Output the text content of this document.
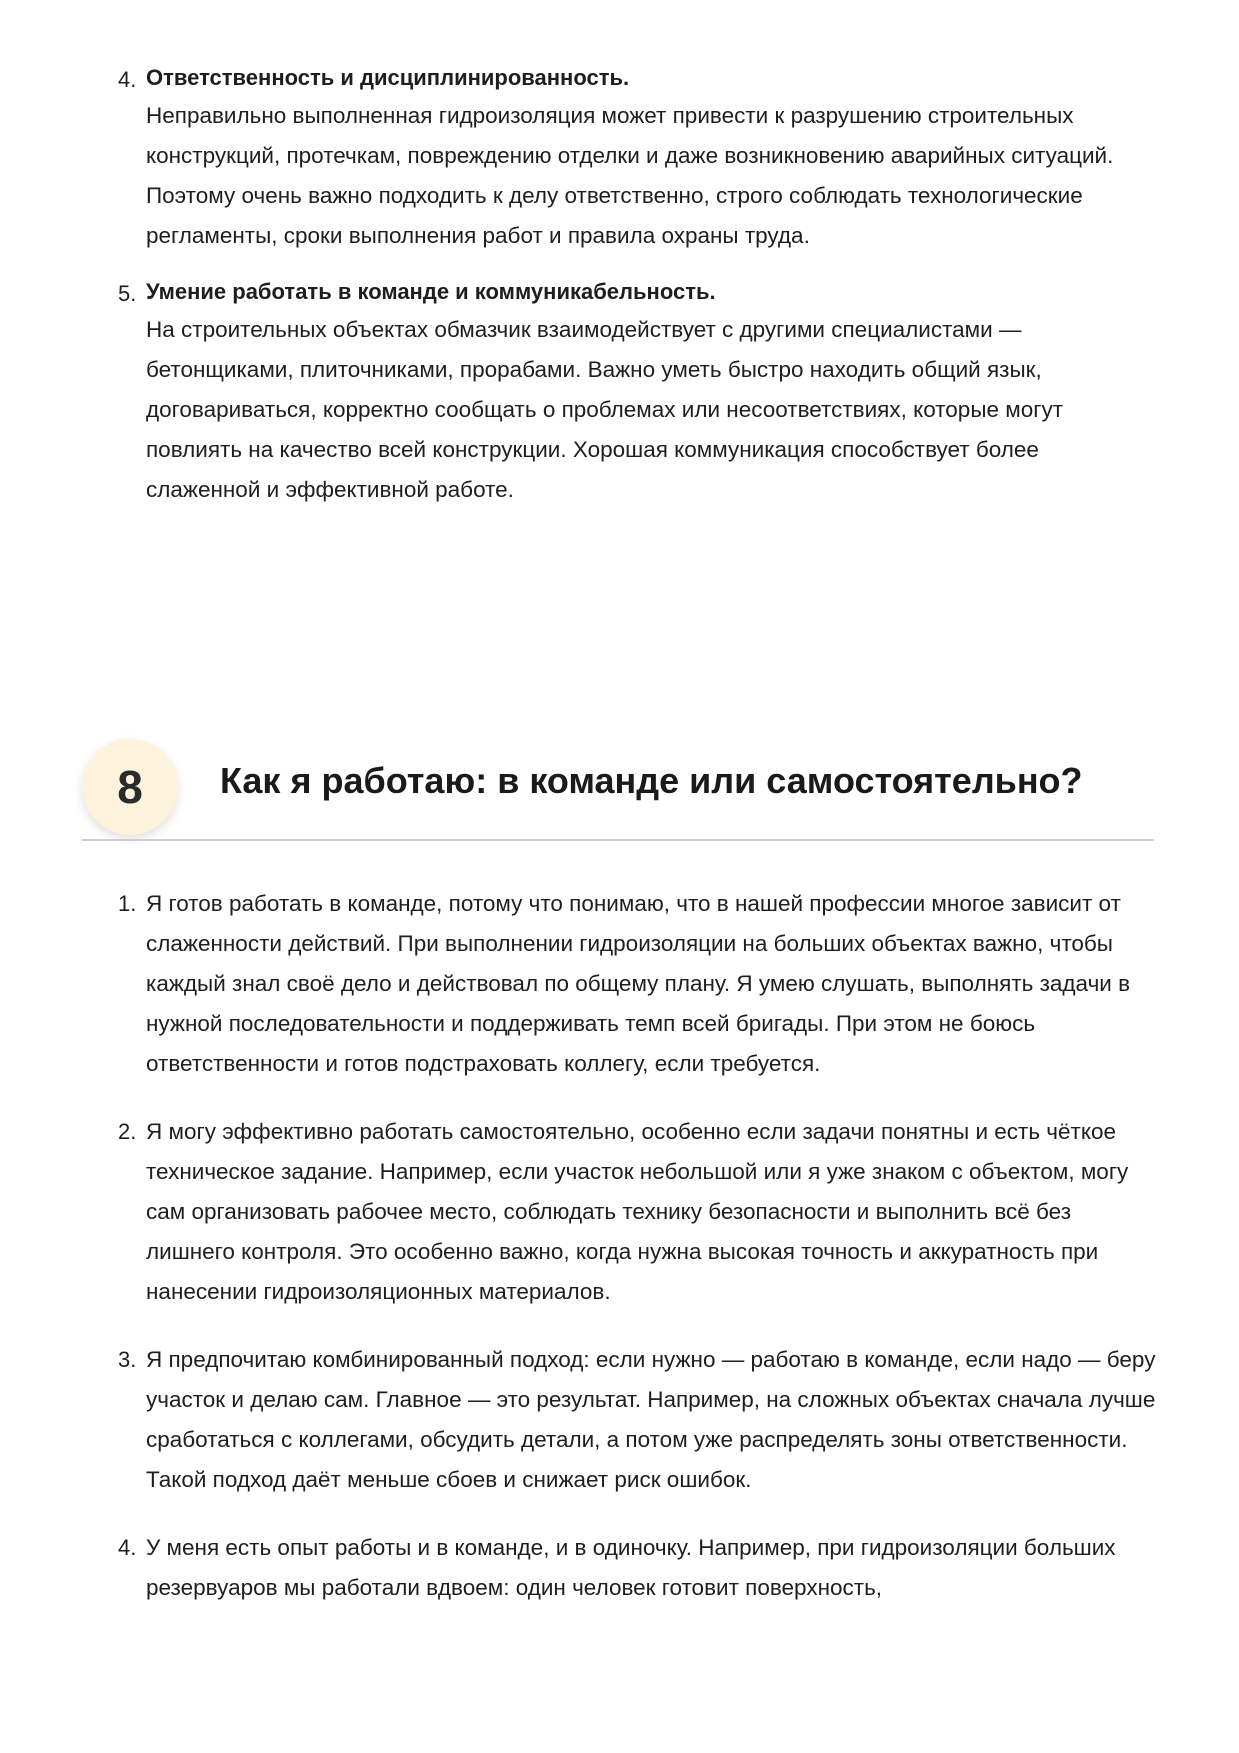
4. Ответственность и дисциплинированность.
Неправильно выполненная гидроизоляция может привести к разрушению строительных конструкций, протечкам, повреждению отделки и даже возникновению аварийных ситуаций. Поэтому очень важно подходить к делу ответственно, строго соблюдать технологические регламенты, сроки выполнения работ и правила охраны труда.
5. Умение работать в команде и коммуникабельность.
На строительных объектах обмазчик взаимодействует с другими специалистами — бетонщиками, плиточниками, прорабами. Важно уметь быстро находить общий язык, договариваться, корректно сообщать о проблемах или несоответствиях, которые могут повлиять на качество всей конструкции. Хорошая коммуникация способствует более слаженной и эффективной работе.
8	Как я работаю: в команде или самостоятельно?
1. Я готов работать в команде, потому что понимаю, что в нашей профессии многое зависит от слаженности действий. При выполнении гидроизоляции на больших объектах важно, чтобы каждый знал своё дело и действовал по общему плану. Я умею слушать, выполнять задачи в нужной последовательности и поддерживать темп всей бригады. При этом не боюсь ответственности и готов подстраховать коллегу, если требуется.
2. Я могу эффективно работать самостоятельно, особенно если задачи понятны и есть чёткое техническое задание. Например, если участок небольшой или я уже знаком с объектом, могу сам организовать рабочее место, соблюдать технику безопасности и выполнить всё без лишнего контроля. Это особенно важно, когда нужна высокая точность и аккуратность при нанесении гидроизоляционных материалов.
3. Я предпочитаю комбинированный подход: если нужно — работаю в команде, если надо — беру участок и делаю сам. Главное — это результат. Например, на сложных объектах сначала лучше сработаться с коллегами, обсудить детали, а потом уже распределять зоны ответственности. Такой подход даёт меньше сбоев и снижает риск ошибок.
4. У меня есть опыт работы и в команде, и в одиночку. Например, при гидроизоляции больших резервуаров мы работали вдвоем: один человек готовит поверхность,
